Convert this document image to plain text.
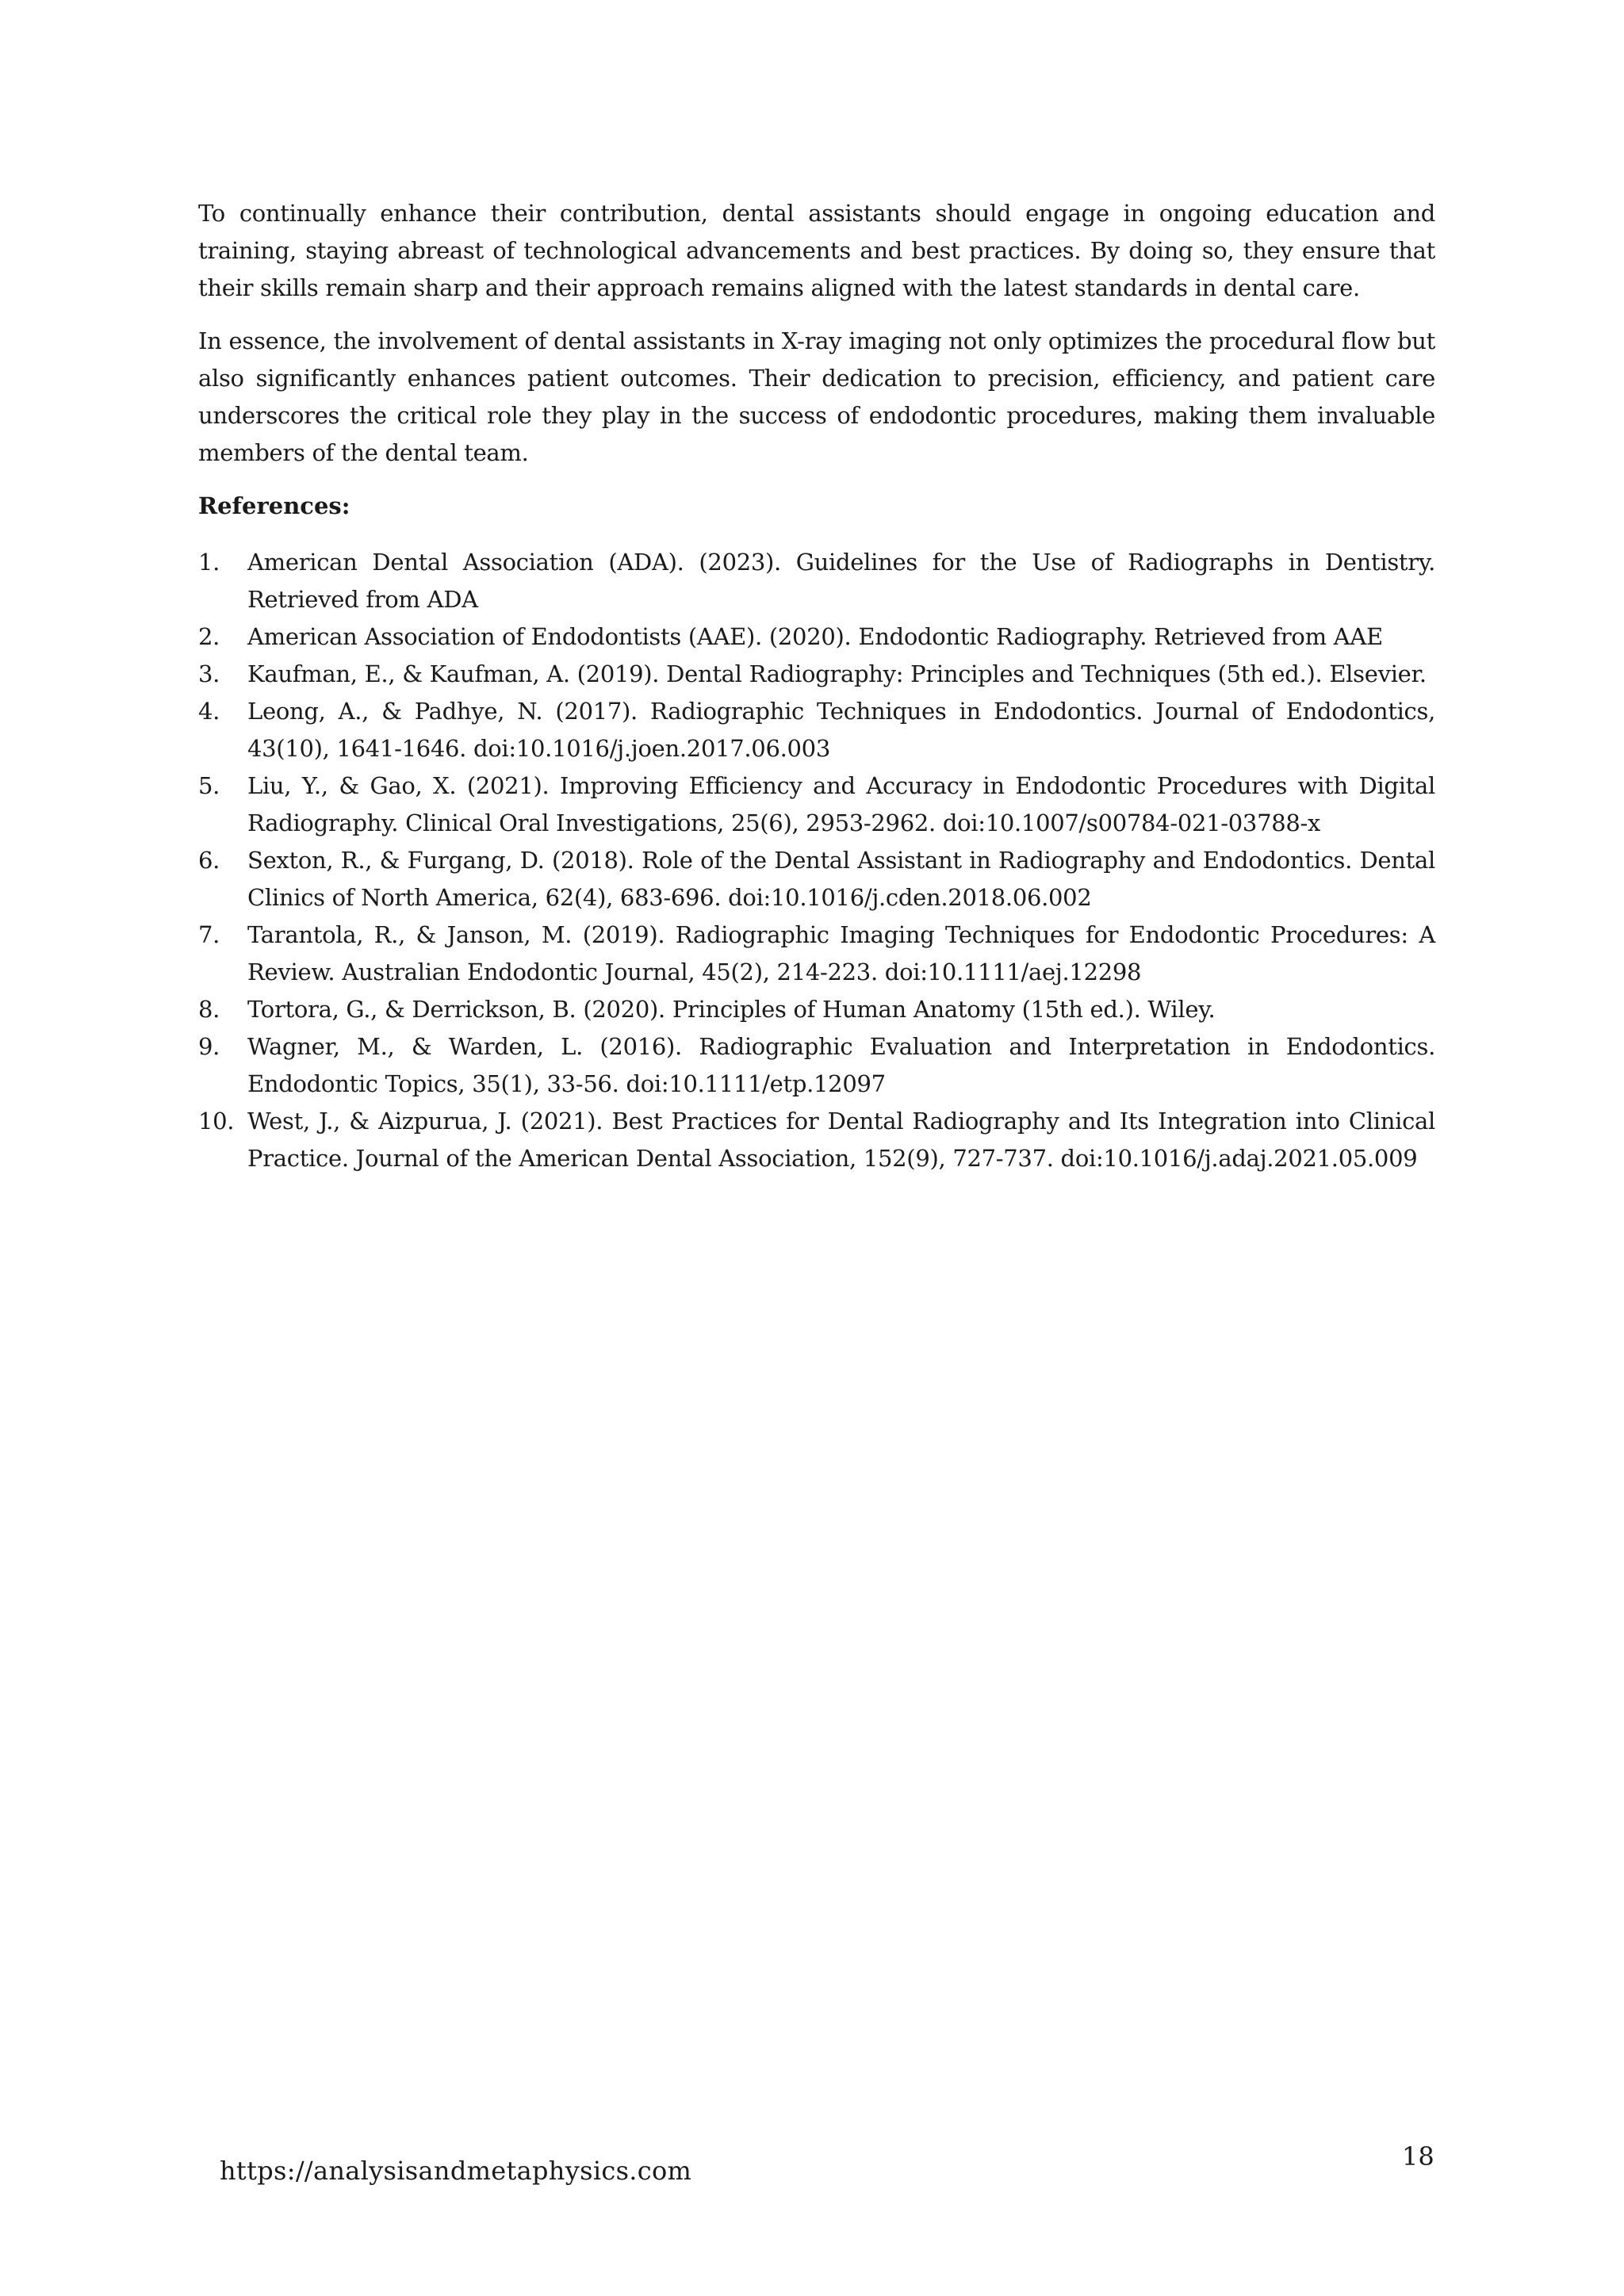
To continually enhance their contribution, dental assistants should engage in ongoing education and training, staying abreast of technological advancements and best practices. By doing so, they ensure that their skills remain sharp and their approach remains aligned with the latest standards in dental care.

In essence, the involvement of dental assistants in X-ray imaging not only optimizes the procedural flow but also significantly enhances patient outcomes. Their dedication to precision, efficiency, and patient care underscores the critical role they play in the success of endodontic procedures, making them invaluable members of the dental team.

References:
1. American Dental Association (ADA). (2023). Guidelines for the Use of Radiographs in Dentistry. Retrieved from ADA
2. American Association of Endodontists (AAE). (2020). Endodontic Radiography. Retrieved from AAE
3. Kaufman, E., & Kaufman, A. (2019). Dental Radiography: Principles and Techniques (5th ed.). Elsevier.
4. Leong, A., & Padhye, N. (2017). Radiographic Techniques in Endodontics. Journal of Endodontics, 43(10), 1641-1646. doi:10.1016/j.joen.2017.06.003
5. Liu, Y., & Gao, X. (2021). Improving Efficiency and Accuracy in Endodontic Procedures with Digital Radiography. Clinical Oral Investigations, 25(6), 2953-2962. doi:10.1007/s00784-021-03788-x
6. Sexton, R., & Furgang, D. (2018). Role of the Dental Assistant in Radiography and Endodontics. Dental Clinics of North America, 62(4), 683-696. doi:10.1016/j.cden.2018.06.002
7. Tarantola, R., & Janson, M. (2019). Radiographic Imaging Techniques for Endodontic Procedures: A Review. Australian Endodontic Journal, 45(2), 214-223. doi:10.1111/aej.12298
8. Tortora, G., & Derrickson, B. (2020). Principles of Human Anatomy (15th ed.). Wiley.
9. Wagner, M., & Warden, L. (2016). Radiographic Evaluation and Interpretation in Endodontics. Endodontic Topics, 35(1), 33-56. doi:10.1111/etp.12097
10. West, J., & Aizpurua, J. (2021). Best Practices for Dental Radiography and Its Integration into Clinical Practice. Journal of the American Dental Association, 152(9), 727-737. doi:10.1016/j.adaj.2021.05.009
https://analysisandmetaphysics.com	18
